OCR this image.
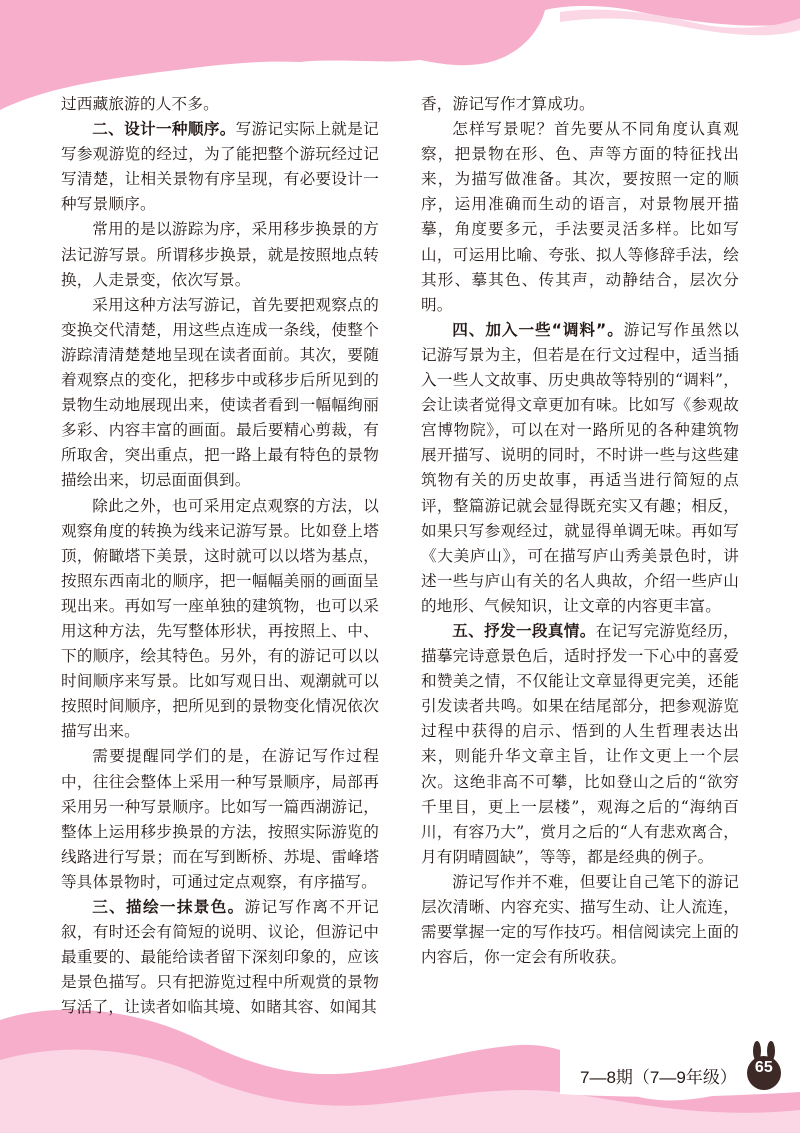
过西藏旅游的人不多。

二、设计一种顺序。写游记实际上就是记写参观游览的经过，为了能把整个游玩经过记写清楚，让相关景物有序呈现，有必要设计一种写景顺序。

常用的是以游踪为序，采用移步换景的方法记游写景。所谓移步换景，就是按照地点转换，人走景变，依次写景。

采用这种方法写游记，首先要把观察点的变换交代清楚，用这些点连成一条线，使整个游踪清清楚楚地呈现在读者面前。其次，要随着观察点的变化，把移步中或移步后所见到的景物生动地展现出来，使读者看到一幅幅绚丽多彩、内容丰富的画面。最后要精心剪裁，有所取舍，突出重点，把一路上最有特色的景物描绘出来，切忌面面俱到。

除此之外，也可采用定点观察的方法，以观察角度的转换为线来记游写景。比如登上塔顶，俯瞰塔下美景，这时就可以以塔为基点，按照东西南北的顺序，把一幅幅美丽的画面呈现出来。再如写一座单独的建筑物，也可以采用这种方法，先写整体形状，再按照上、中、下的顺序，绘其特色。另外，有的游记可以以时间顺序来写景。比如写观日出、观潮就可以按照时间顺序，把所见到的景物变化情况依次描写出来。

需要提醒同学们的是，在游记写作过程中，往往会整体上采用一种写景顺序，局部再采用另一种写景顺序。比如写一篇西湖游记，整体上运用移步换景的方法，按照实际游览的线路进行写景；而在写到断桥、苏堤、雷峰塔等具体景物时，可通过定点观察，有序描写。

三、描绘一抹景色。游记写作离不开记叙，有时还会有简短的说明、议论，但游记中最重要的、最能给读者留下深刻印象的，应该是景色描写。只有把游览过程中所观赏的景物写活了，让读者如临其境、如睹其容、如闻其

香，游记写作才算成功。

怎样写景呢？首先要从不同角度认真观察，把景物在形、色、声等方面的特征找出来，为描写做准备。其次，要按照一定的顺序，运用准确而生动的语言，对景物展开描摹，角度要多元，手法要灵活多样。比如写山，可运用比喻、夸张、拟人等修辞手法，绘其形、摹其色、传其声，动静结合，层次分明。

四、加入一些“调料”。游记写作虽然以记游写景为主，但若是在行文过程中，适当插入一些人文故事、历史典故等特别的“调料”，会让读者觉得文章更加有味。比如写《参观故宫博物院》，可以在对一路所见的各种建筑物展开描写、说明的同时，不时讲一些与这些建筑物有关的历史故事，再适当进行简短的点评，整篇游记就会显得既充实又有趣；相反，如果只写参观经过，就显得单调无味。再如写《大美庐山》，可在描写庐山秀美景色时，讲述一些与庐山有关的名人典故，介绍一些庐山的地形、气候知识，让文章的内容更丰富。

五、抒发一段真情。在记写完游览经历，描摹完诗意景色后，适时抒发一下心中的喜爱和赞美之情，不仅能让文章显得更完美，还能引发读者共鸣。如果在结尾部分，把参观游览过程中获得的启示、悟到的人生哲理表达出来，则能升华文章主旨，让作文更上一个层次。这绝非高不可攀，比如登山之后的“欲穷千里目，更上一层楼”，观海之后的“海纳百川，有容乃大”，赏月之后的“人有悲欢离合，月有阴晴圆缺”，等等，都是经典的例子。

游记写作并不难，但要让自己笔下的游记层次清晰、内容充实、描写生动、让人流连，需要掌握一定的写作技巧。相信阅读完上面的内容后，你一定会有所收获。

7—8期（7—9年级）	65
